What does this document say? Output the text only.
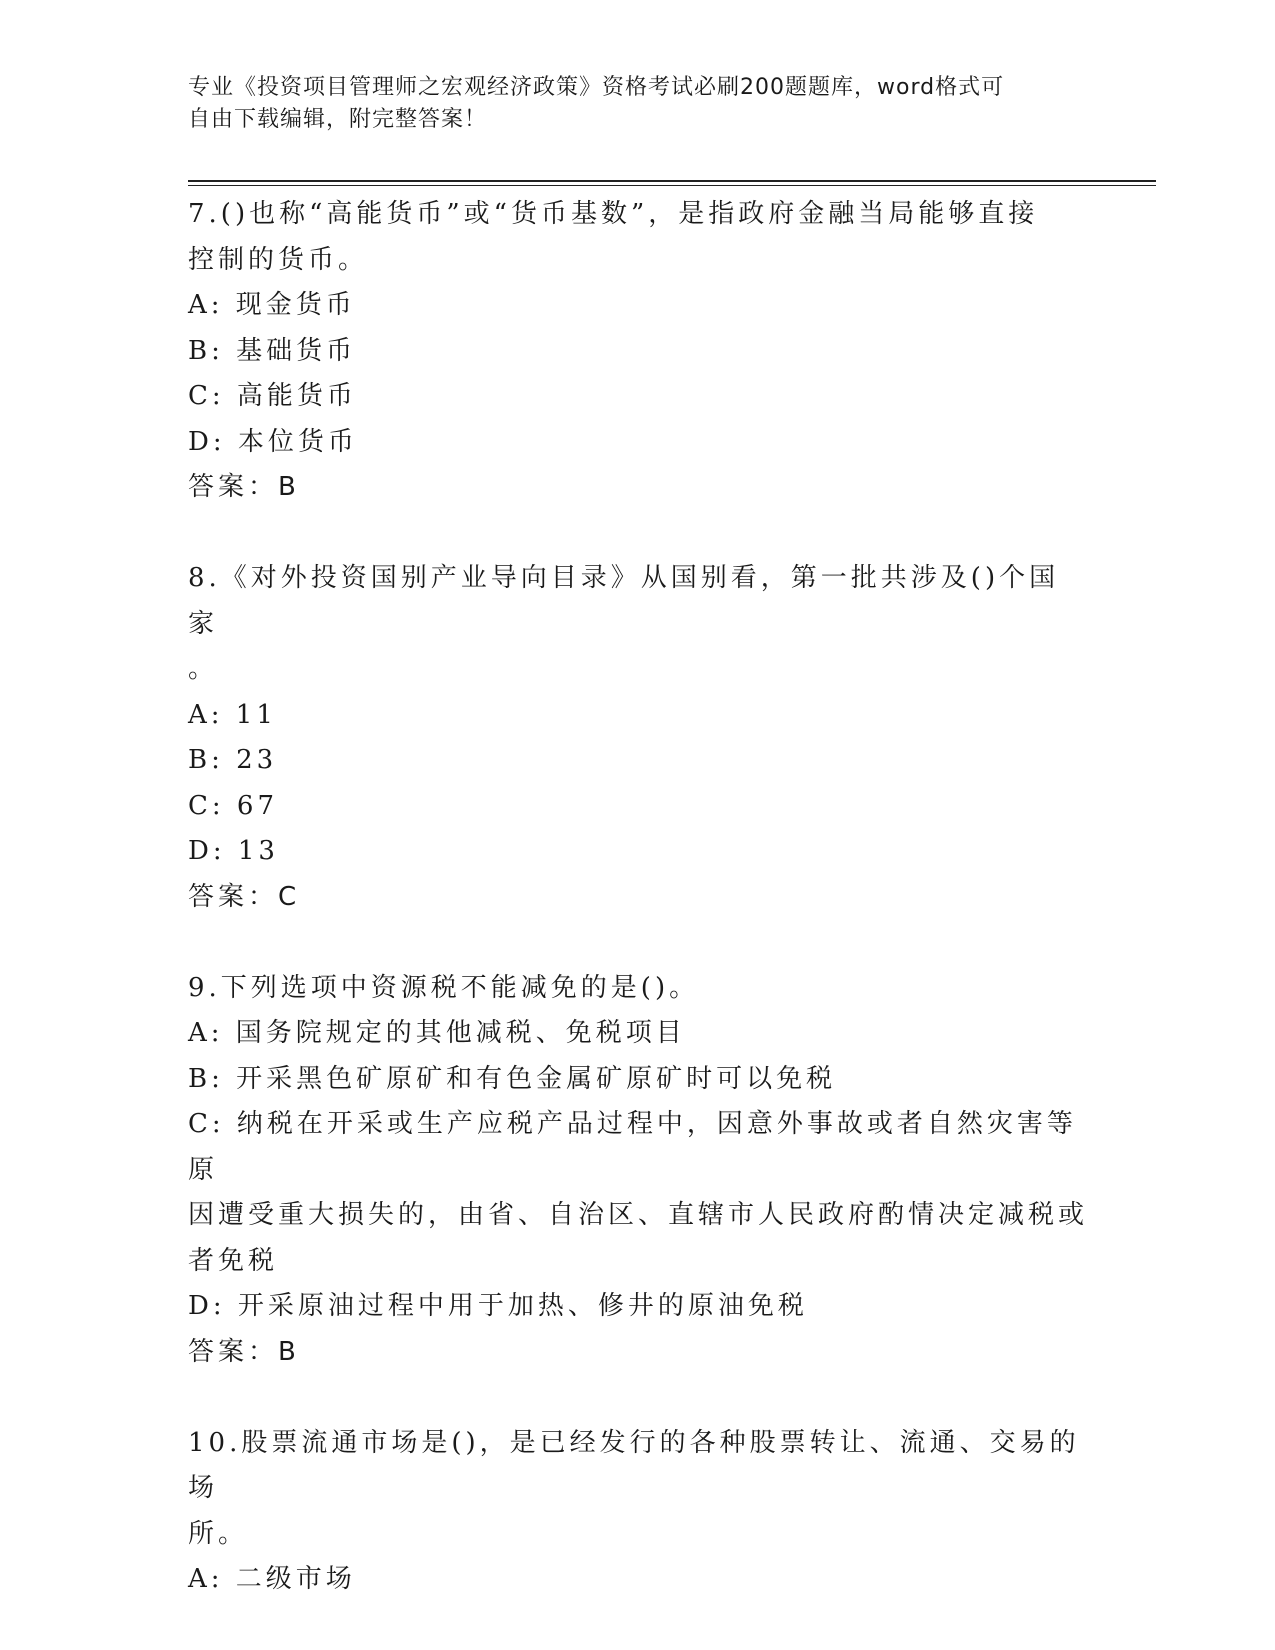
专业《投资项目管理师之宏观经济政策》资格考试必刷200题题库，word格式可
自由下载编辑，附完整答案！

7.()也称“高能货币”或“货币基数”，是指政府金融当局能够直接

控制的货币。

A: 现金货币

B: 基础货币

C: 高能货币

D: 本位货币

答案：B

8.《对外投资国别产业导向目录》从国别看，第一批共涉及()个国家

。

A: 11

B: 23

C: 67

D: 13

答案：C

9.下列选项中资源税不能减免的是()。

A: 国务院规定的其他减税、免税项目

B: 开采黑色矿原矿和有色金属矿原矿时可以免税

C: 纳税在开采或生产应税产品过程中，因意外事故或者自然灾害等原

因遭受重大损失的，由省、自治区、直辖市人民政府酌情决定减税或

者免税

D: 开采原油过程中用于加热、修井的原油免税

答案：B

10.股票流通市场是()，是已经发行的各种股票转让、流通、交易的场

所。

A: 二级市场
